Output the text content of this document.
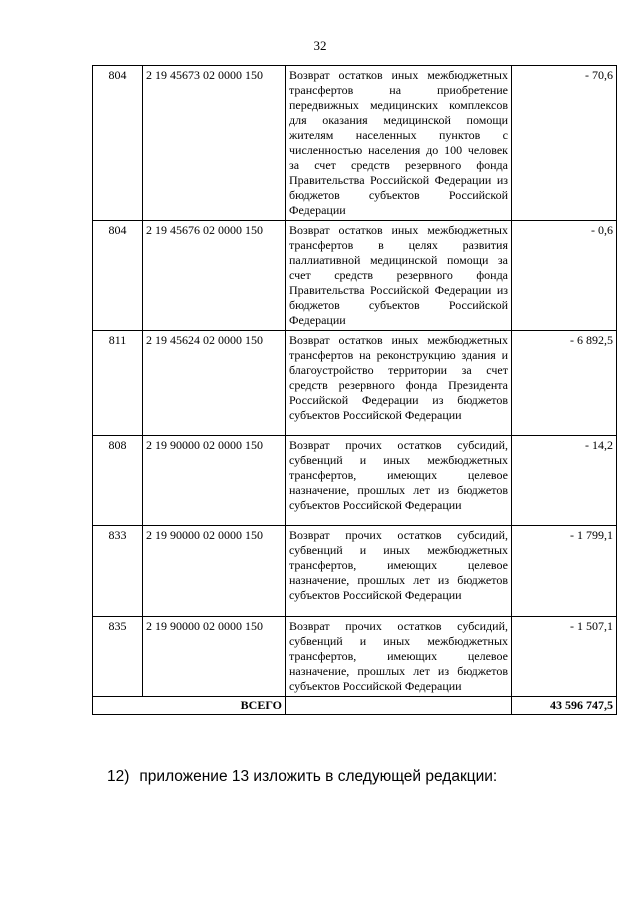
32
804	2 19 45673 02 0000 150	Возврат остатков иных межбюджетных трансфертов на приобретение передвижных медицинских комплексов для оказания медицинской помощи жителям населенных пунктов с численностью населения до 100 человек за счет средств резервного фонда Правительства Российской Федерации из бюджетов субъектов Российской Федерации	- 70,6
804	2 19 45676 02 0000 150	Возврат остатков иных межбюджетных трансфертов в целях развития паллиативной медицинской помощи за счет средств резервного фонда Правительства Российской Федерации из бюджетов субъектов Российской Федерации	- 0,6
811	2 19 45624 02 0000 150	Возврат остатков иных межбюджетных трансфертов на реконструкцию здания и благоустройство территории за счет средств резервного фонда Президента Российской Федерации из бюджетов субъектов Российской Федерации	- 6 892,5
808	2 19 90000 02 0000 150	Возврат прочих остатков субсидий, субвенций и иных межбюджетных трансфертов, имеющих целевое назначение, прошлых лет из бюджетов субъектов Российской Федерации	- 14,2
833	2 19 90000 02 0000 150	Возврат прочих остатков субсидий, субвенций и иных межбюджетных трансфертов, имеющих целевое назначение, прошлых лет из бюджетов субъектов Российской Федерации	- 1 799,1
835	2 19 90000 02 0000 150	Возврат прочих остатков субсидий, субвенций и иных межбюджетных трансфертов, имеющих целевое назначение, прошлых лет из бюджетов субъектов Российской Федерации	- 1 507,1
ВСЕГО			43 596 747,5
12) приложение 13 изложить в следующей редакции:
